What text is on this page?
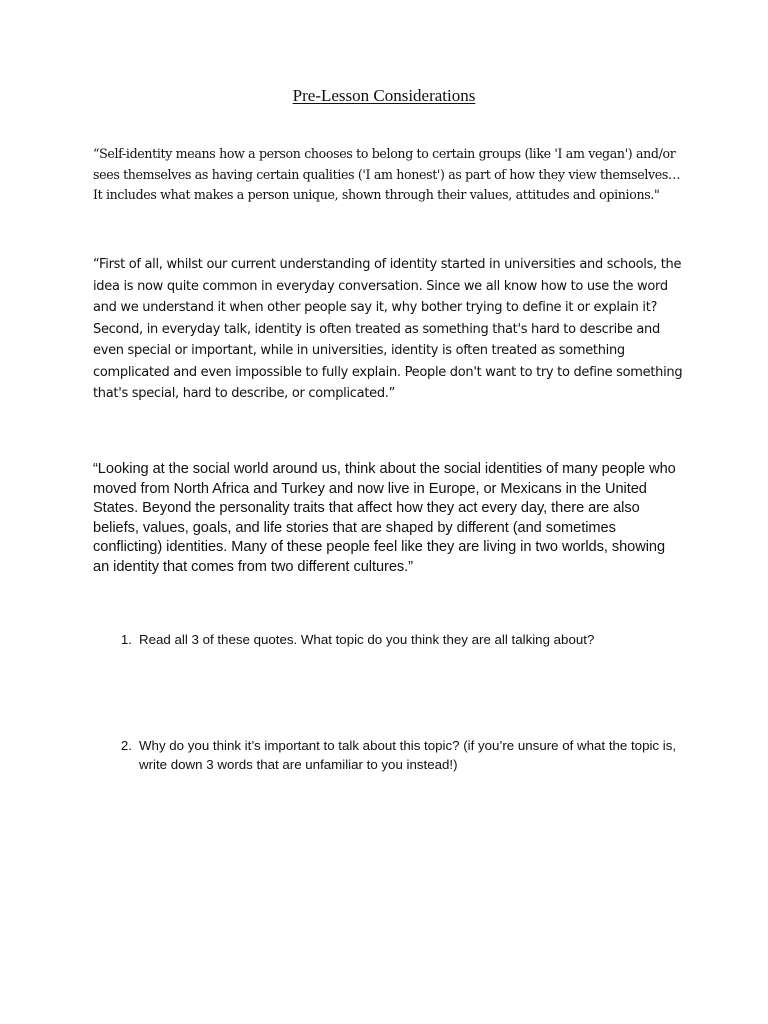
Pre-Lesson Considerations

“Self-identity means how a person chooses to belong to certain groups (like 'I am vegan') and/or sees themselves as having certain qualities ('I am honest') as part of how they view themselves… It includes what makes a person unique, shown through their values, attitudes and opinions."

“First of all, whilst our current understanding of identity started in universities and schools, the idea is now quite common in everyday conversation. Since we all know how to use the word and we understand it when other people say it, why bother trying to define it or explain it? Second, in everyday talk, identity is often treated as something that's hard to describe and even special or important, while in universities, identity is often treated as something complicated and even impossible to fully explain. People don't want to try to define something that's special, hard to describe, or complicated.”

“Looking at the social world around us, think about the social identities of many people who moved from North Africa and Turkey and now live in Europe, or Mexicans in the United States. Beyond the personality traits that affect how they act every day, there are also beliefs, values, goals, and life stories that are shaped by different (and sometimes conflicting) identities. Many of these people feel like they are living in two worlds, showing an identity that comes from two different cultures.”

1. Read all 3 of these quotes. What topic do you think they are all talking about?
2. Why do you think it’s important to talk about this topic? (if you’re unsure of what the topic is, write down 3 words that are unfamiliar to you instead!)
